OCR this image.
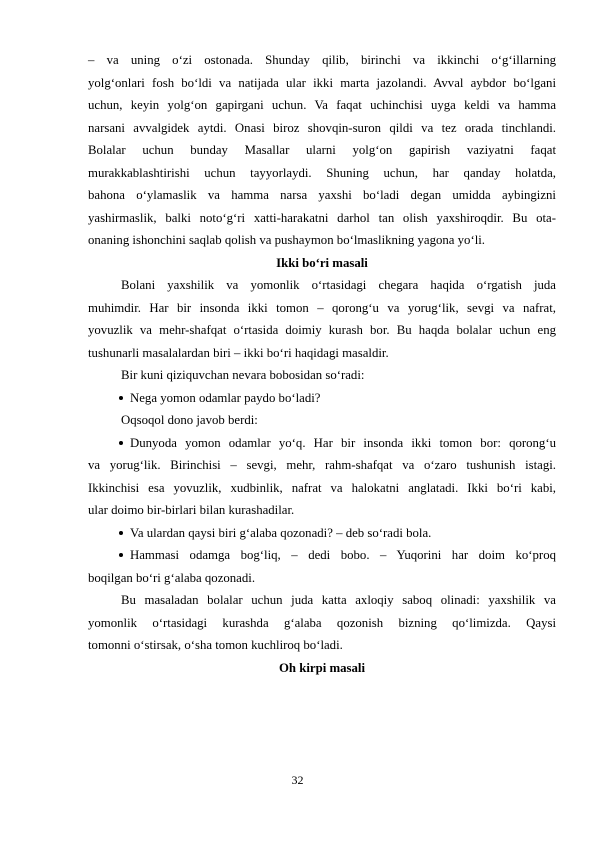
– va uning o‘zi ostonada. Shunday qilib, birinchi va ikkinchi o‘g‘illarning

yolg‘onlari fosh bo‘ldi va natijada ular ikki marta jazolandi. Avval aybdor bo‘lgani

uchun, keyin yolg‘on gapirgani uchun. Va faqat uchinchisi uyga keldi va hamma

narsani avvalgidek aytdi. Onasi biroz shovqin-suron qildi va tez orada tinchlandi.

Bolalar uchun bunday Masallar ularni yolg‘on gapirish vaziyatni faqat

murakkablashtirishi uchun tayyorlaydi. Shuning uchun, har qanday holatda,

bahona o‘ylamaslik va hamma narsa yaxshi bo‘ladi degan umidda aybingizni

yashirmaslik, balki noto‘g‘ri xatti-harakatni darhol tan olish yaxshiroqdir. Bu ota-

onaning ishonchini saqlab qolish va pushaymon bo‘lmaslikning yagona yo‘li.

Ikki bo‘ri masali

Bolani yaxshilik va yomonlik o‘rtasidagi chegara haqida o‘rgatish juda

muhimdir. Har bir insonda ikki tomon – qorong‘u va yorug‘lik, sevgi va nafrat,

yovuzlik va mehr-shafqat o‘rtasida doimiy kurash bor. Bu haqda bolalar uchun eng

tushunarli masalalardan biri – ikki bo‘ri haqidagi masaldir.

Bir kuni qiziquvchan nevara bobosidan so‘radi:

Nega yomon odamlar paydo bo‘ladi?

Oqsoqol dono javob berdi:

Dunyoda yomon odamlar yo‘q. Har bir insonda ikki tomon bor: qorong‘u

va yorug‘lik. Birinchisi – sevgi, mehr, rahm-shafqat va o‘zaro tushunish istagi.

Ikkinchisi esa yovuzlik, xudbinlik, nafrat va halokatni anglatadi. Ikki bo‘ri kabi,

ular doimo bir-birlari bilan kurashadilar.

Va ulardan qaysi biri g‘alaba qozonadi? – deb so‘radi bola.

Hammasi odamga bog‘liq, – dedi bobo. – Yuqorini har doim ko‘proq

boqilgan bo‘ri g‘alaba qozonadi.

Bu masaladan bolalar uchun juda katta axloqiy saboq olinadi: yaxshilik va

yomonlik o‘rtasidagi kurashda g‘alaba qozonish bizning qo‘limizda. Qaysi

tomonni o‘stirsak, o‘sha tomon kuchliroq bo‘ladi.

Oh kirpi masali

32
